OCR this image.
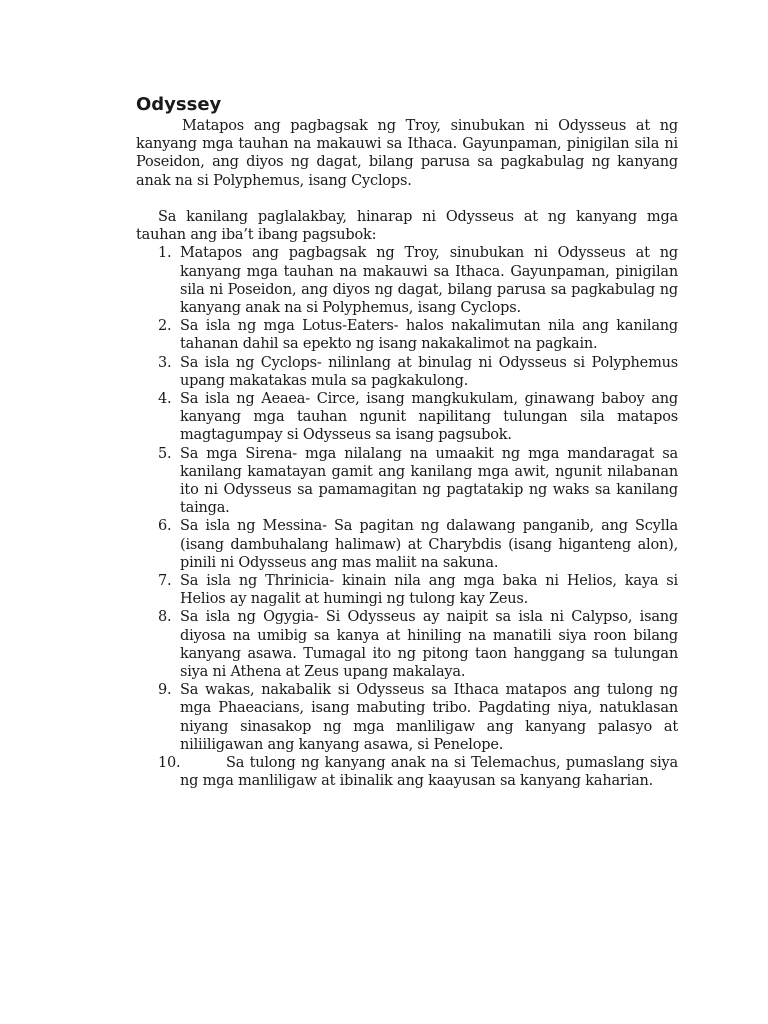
Odyssey

Matapos ang pagbagsak ng Troy, sinubukan ni Odysseus at ng kanyang mga tauhan na makauwi sa Ithaca. Gayunpaman, pinigilan sila ni Poseidon, ang diyos ng dagat, bilang parusa sa pagkabulag ng kanyang anak na si Polyphemus, isang Cyclops.

Sa kanilang paglalakbay, hinarap ni Odysseus at ng kanyang mga tauhan ang iba’t ibang pagsubok:

1. Matapos ang pagbagsak ng Troy, sinubukan ni Odysseus at ng kanyang mga tauhan na makauwi sa Ithaca. Gayunpaman, pinigilan sila ni Poseidon, ang diyos ng dagat, bilang parusa sa pagkabulag ng kanyang anak na si Polyphemus, isang Cyclops.
2. Sa isla ng mga Lotus-Eaters- halos nakalimutan nila ang kanilang tahanan dahil sa epekto ng isang nakakalimot na pagkain.
3. Sa isla ng Cyclops- nilinlang at binulag ni Odysseus si Polyphemus upang makatakas mula sa pagkakulong.
4. Sa isla ng Aeaea- Circe, isang mangkukulam, ginawang baboy ang kanyang mga tauhan ngunit napilitang tulungan sila matapos magtagumpay si Odysseus sa isang pagsubok.
5. Sa mga Sirena- mga nilalang na umaakit ng mga mandaragat sa kanilang kamatayan gamit ang kanilang mga awit, ngunit nilabanan ito ni Odysseus sa pamamagitan ng pagtatakip ng waks sa kanilang tainga.
6. Sa isla ng Messina- Sa pagitan ng dalawang panganib, ang Scylla (isang dambuhalang halimaw) at Charybdis (isang higanteng alon), pinili ni Odysseus ang mas maliit na sakuna.
7. Sa isla ng Thrinicia- kinain nila ang mga baka ni Helios, kaya si Helios ay nagalit at humingi ng tulong kay Zeus.
8. Sa isla ng Ogygia- Si Odysseus ay naipit sa isla ni Calypso, isang diyosa na umibig sa kanya at hiniling na manatili siya roon bilang kanyang asawa. Tumagal ito ng pitong taon hanggang sa tulungan siya ni Athena at Zeus upang makalaya.
9. Sa wakas, nakabalik si Odysseus sa Ithaca matapos ang tulong ng mga Phaeacians, isang mabuting tribo. Pagdating niya, natuklasan niyang sinasakop ng mga manliligaw ang kanyang palasyo at niliiligawan ang kanyang asawa, si Penelope.
10.	Sa tulong ng kanyang anak na si Telemachus, pumaslang siya ng mga manliligaw at ibinalik ang kaayusan sa kanyang kaharian.
